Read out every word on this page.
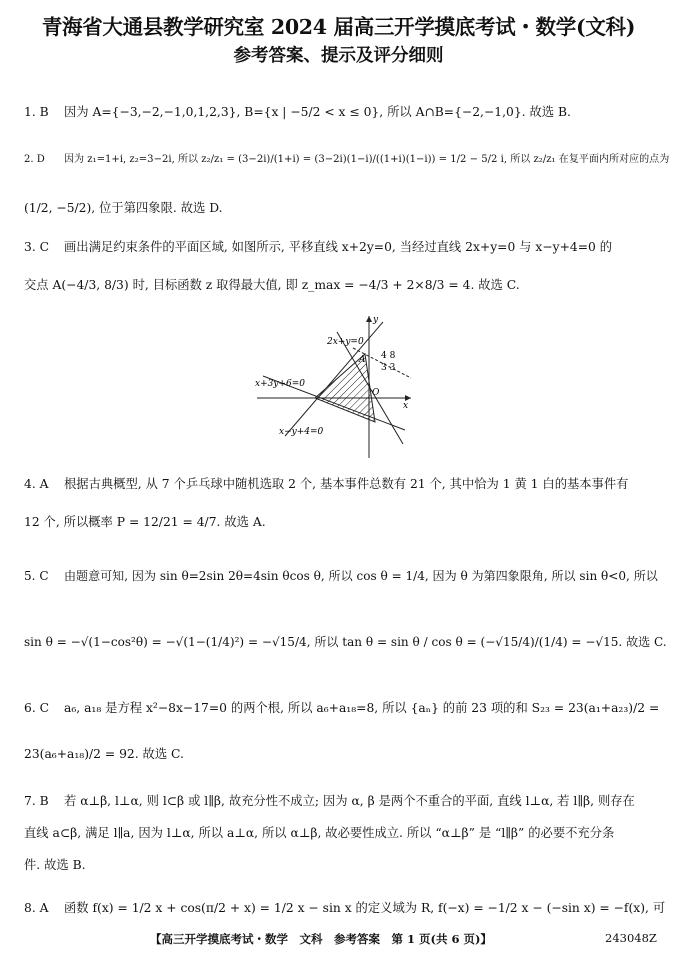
青海省大通县教学研究室 2024 届高三开学摸底考试・数学(文科)
参考答案、提示及评分细则
1. B 因为 A={−3,−2,−1,0,1,2,3}, B={x | −5/2 < x ≤ 0}, 所以 A∩B={−2,−1,0}. 故选 B.
2. D 因为 z₁=1+i, z₂=3−2i, 所以 z₂/z₁ = (3−2i)/(1+i) = (3−2i)(1−i)/((1+i)(1−i)) = 1/2 − 5/2 i, 所以 z₂/z₁ 在复平面内所对应的点为
(1/2, −5/2), 位于第四象限. 故选 D.
3. C 画出满足约束条件的平面区域, 如图所示, 平移直线 x+2y=0, 当经过直线 2x+y=0 与 x−y+4=0 的
交点 A(−4/3, 8/3) 时, 目标函数 z 取得最大值, 即 z_max = −4/3 + 2×8/3 = 4. 故选 C.
2x+y=0
x+3y+6=0
x−y+4=0
A 4 8
3 3
O
x
y
4. A 根据古典概型, 从 7 个乒乓球中随机选取 2 个, 基本事件总数有 21 个, 其中恰为 1 黄 1 白的基本事件有
12 个, 所以概率 P = 12/21 = 4/7. 故选 A.
5. C 由题意可知, 因为 sin θ=2sin 2θ=4sin θcos θ, 所以 cos θ = 1/4, 因为 θ 为第四象限角, 所以 sin θ<0, 所以
sin θ = −√(1−cos²θ) = −√(1−(1/4)²) = −√15/4, 所以 tan θ = sin θ / cos θ = (−√15/4)/(1/4) = −√15. 故选 C.
6. C a₆, a₁₈ 是方程 x²−8x−17=0 的两个根, 所以 a₆+a₁₈=8, 所以 {aₙ} 的前 23 项的和 S₂₃ = 23(a₁+a₂₃)/2 =
23(a₆+a₁₈)/2 = 92. 故选 C.
7. B 若 α⊥β, l⊥α, 则 l⊂β 或 l∥β, 故充分性不成立; 因为 α, β 是两个不重合的平面, 直线 l⊥α, 若 l∥β, 则存在
直线 a⊂β, 满足 l∥a, 因为 l⊥α, 所以 a⊥α, 所以 α⊥β, 故必要性成立. 所以 “α⊥β” 是 “l∥β” 的必要不充分条
件. 故选 B.
8. A 函数 f(x) = 1/2 x + cos(π/2 + x) = 1/2 x − sin x 的定义域为 R, f(−x) = −1/2 x − (−sin x) = −f(x), 可
【高三开学摸底考试・数学　文科　参考答案　第 1 页(共 6 页)】	243048Z
